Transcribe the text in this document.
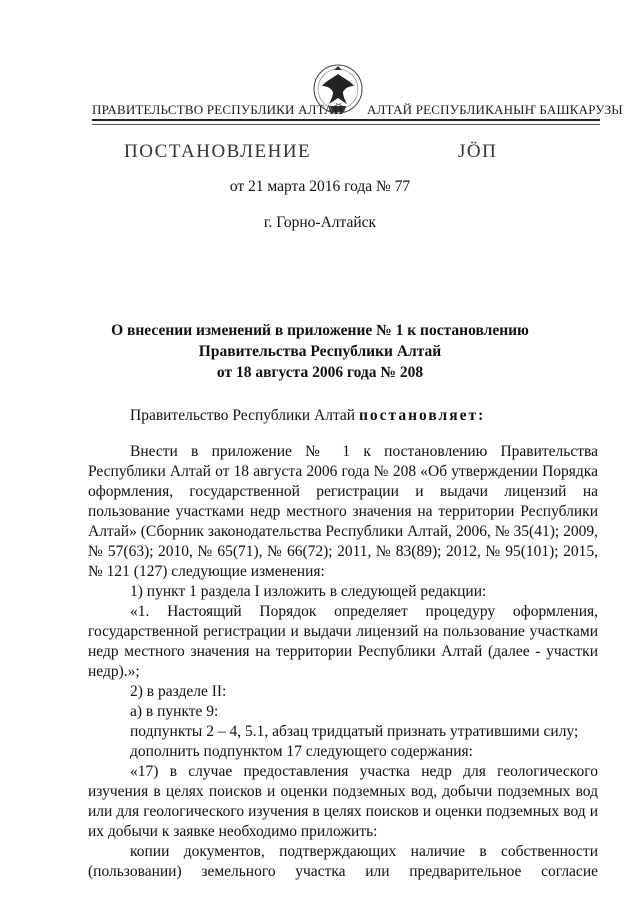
ПРАВИТЕЛЬСТВО РЕСПУБЛИКИ АЛТАЙ АЛТАЙ РЕСПУБЛИКАНЫҤ БАШКАРУЗЫ
ПОСТАНОВЛЕНИЕ	JӦП
от 21 марта 2016 года № 77
г. Горно-Алтайск
О внесении изменений в приложение № 1 к постановлению
Правительства Республики Алтай
от 18 августа 2006 года № 208

Правительство Республики Алтай постановляет:

Внести в приложение № 1 к постановлению Правительства Республики Алтай от 18 августа 2006 года № 208 «Об утверждении Порядка оформления, государственной регистрации и выдачи лицензий на пользование участками недр местного значения на территории Республики Алтай» (Сборник законодательства Республики Алтай, 2006, № 35(41); 2009, № 57(63); 2010, № 65(71), № 66(72); 2011, № 83(89); 2012, № 95(101); 2015, № 121 (127) следующие изменения:

1) пункт 1 раздела I изложить в следующей редакции:

«1. Настоящий Порядок определяет процедуру оформления, государственной регистрации и выдачи лицензий на пользование участками недр местного значения на территории Республики Алтай (далее - участки недр).»;

2) в разделе II:

а) в пункте 9:

подпункты 2 – 4, 5.1, абзац тридцатый признать утратившими силу;

дополнить подпунктом 17 следующего содержания:

«17) в случае предоставления участка недр для геологического изучения в целях поисков и оценки подземных вод, добычи подземных вод или для геологического изучения в целях поисков и оценки подземных вод и их добычи к заявке необходимо приложить:

копии документов, подтверждающих наличие в собственности (пользовании) земельного участка или предварительное согласие
